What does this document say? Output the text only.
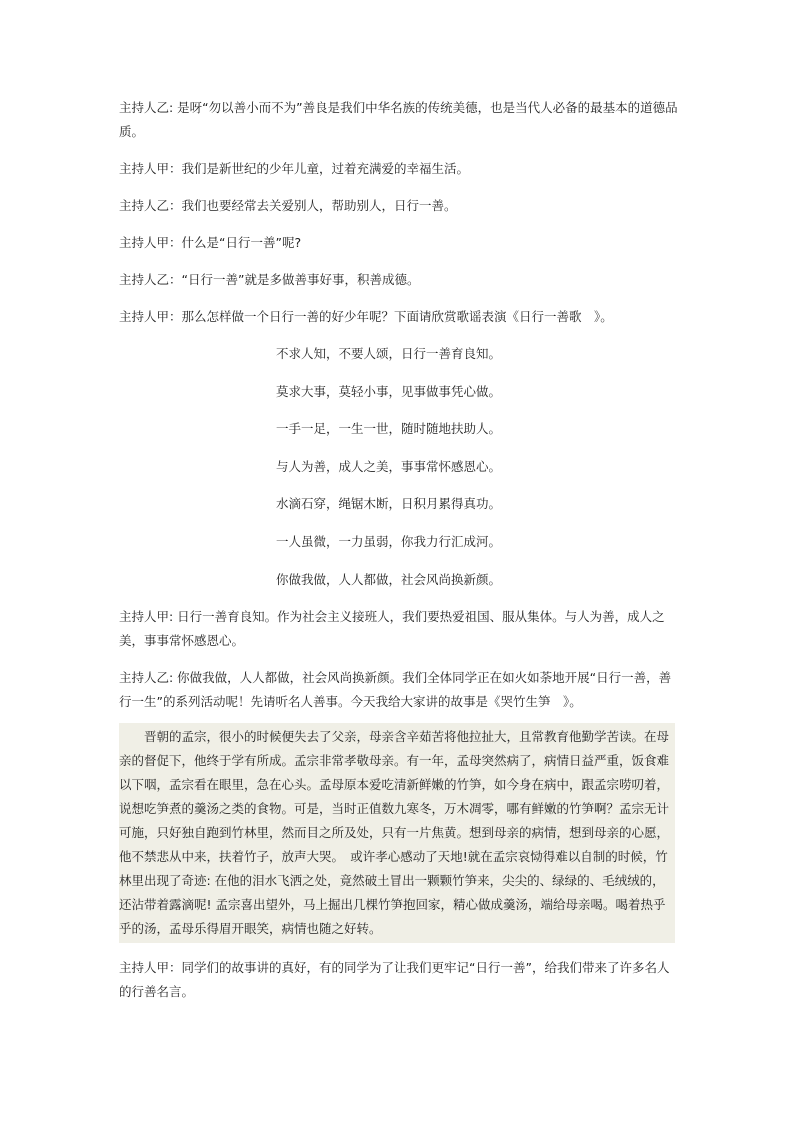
主持人乙: 是呀“勿以善小而不为”善良是我们中华名族的传统美德，也是当代人必备的最基本的道德品质。

主持人甲：我们是新世纪的少年儿童，过着充满爱的幸福生活。

主持人乙：我们也要经常去关爱别人，帮助别人，日行一善。

主持人甲：什么是“日行一善”呢?

主持人乙：“日行一善”就是多做善事好事，积善成德。

主持人甲：那么怎样做一个日行一善的好少年呢？下面请欣赏歌谣表演《日行一善歌　》。

不求人知，不要人颂，日行一善育良知。
莫求大事，莫轻小事，见事做事凭心做。
一手一足，一生一世，随时随地扶助人。
与人为善，成人之美，事事常怀感恩心。
水滴石穿，绳锯木断，日积月累得真功。
一人虽微，一力虽弱，你我力行汇成河。
你做我做，人人都做，社会风尚换新颜。

主持人甲: 日行一善育良知。作为社会主义接班人，我们要热爱祖国、服从集体。与人为善，成人之美，事事常怀感恩心。

主持人乙: 你做我做，人人都做，社会风尚换新颜。我们全体同学正在如火如荼地开展“日行一善，善行一生”的系列活动呢！先请听名人善事。今天我给大家讲的故事是《哭竹生笋　》。

晋朝的孟宗，很小的时候便失去了父亲，母亲含辛茹苦将他拉扯大，且常教育他勤学苦读。在母亲的督促下，他终于学有所成。孟宗非常孝敬母亲。有一年，孟母突然病了，病情日益严重，饭食难以下咽，孟宗看在眼里，急在心头。孟母原本爱吃清新鲜嫩的竹笋，如今身在病中，跟孟宗唠叨着，说想吃笋煮的羹汤之类的食物。可是，当时正值数九寒冬，万木凋零，哪有鲜嫩的竹笋啊？孟宗无计可施，只好独自跑到竹林里，然而目之所及处，只有一片焦黄。想到母亲的病情，想到母亲的心愿，他不禁悲从中来，扶着竹子，放声大哭。　或许孝心感动了天地!就在孟宗哀恸得难以自制的时候，竹林里出现了奇迹: 在他的泪水飞洒之处，竟然破土冒出一颗颗竹笋来，尖尖的、绿绿的、毛绒绒的，还沾带着露滴呢! 孟宗喜出望外，马上掘出几棵竹笋抱回家，精心做成羹汤，端给母亲喝。喝着热乎乎的汤，孟母乐得眉开眼笑，病情也随之好转。

主持人甲：同学们的故事讲的真好，有的同学为了让我们更牢记“日行一善”，给我们带来了许多名人的行善名言。
